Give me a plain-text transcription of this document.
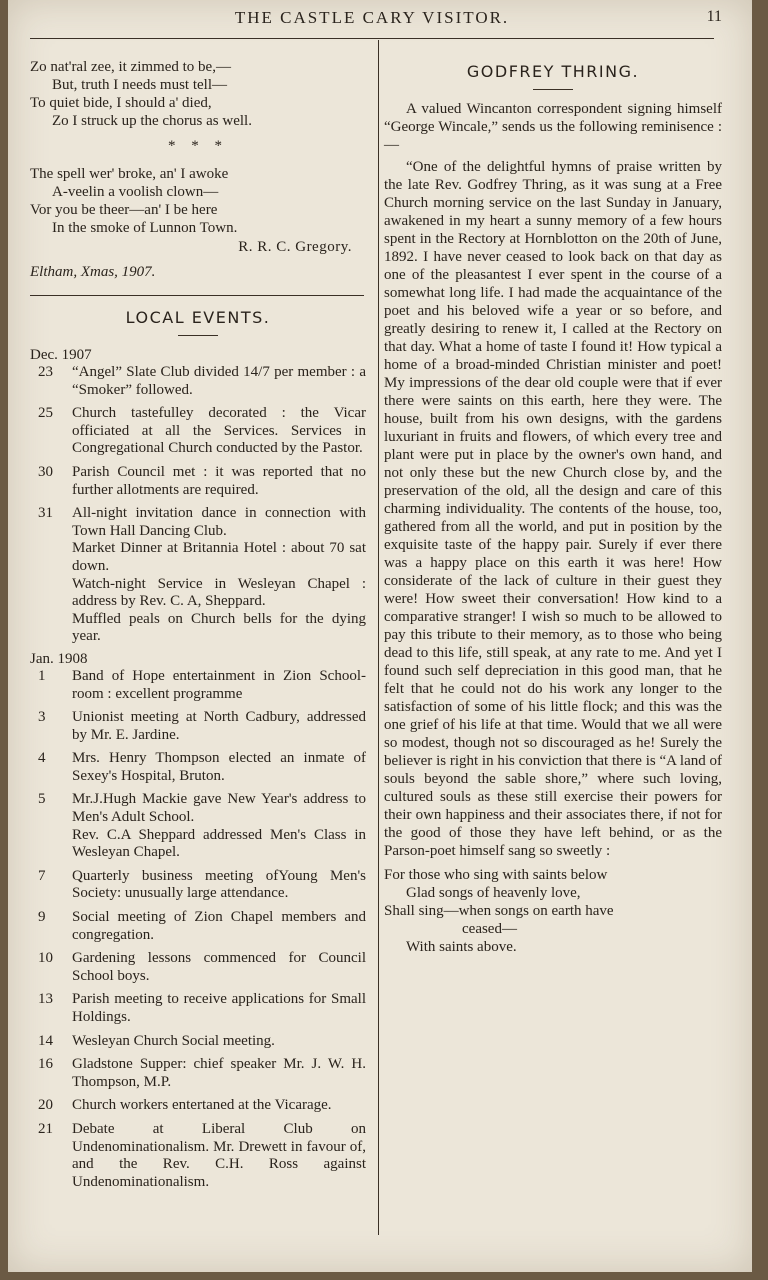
THE CASTLE CARY VISITOR.	11
Zo nat'ral zee, it zimmed to be,—
But, truth I needs must tell—
To quiet bide, I should a' died,
Zo I struck up the chorus as well.
* * *
The spell wer' broke, an' I awoke
A-veelin a voolish clown—
Vor you be theer—an' I be here
In the smoke of Lunnon Town.
R. R. C. Gregory.
Eltham, Xmas, 1907.
LOCAL EVENTS.
Dec. 1907
23	“Angel” Slate Club divided 14/7 per member : a “Smoker” followed.
25	Church tastefulley decorated : the Vicar officiated at all the Services. Services in Congregational Church conducted by the Pastor.
30	Parish Council met : it was reported that no further allotments are required.
31	All-night invitation dance in connection with Town Hall Dancing Club.
Market Dinner at Britannia Hotel : about 70 sat down.
Watch-night Service in Wesleyan Chapel : address by Rev. C. A, Sheppard.
Muffled peals on Church bells for the dying year.
Jan. 1908
1	Band of Hope entertainment in Zion School-room : excellent programme
3	Unionist meeting at North Cadbury, addressed by Mr. E. Jardine.
4	Mrs. Henry Thompson elected an inmate of Sexey's Hospital, Bruton.
5	Mr.J.Hugh Mackie gave New Year's address to Men's Adult School.
Rev. C.A Sheppard addressed Men's Class in Wesleyan Chapel.
7	Quarterly business meeting ofYoung Men's Society: unusually large attendance.
9	Social meeting of Zion Chapel members and congregation.
10	Gardening lessons commenced for Council School boys.
13	Parish meeting to receive applications for Small Holdings.
14	Wesleyan Church Social meeting.
16	Gladstone Supper: chief speaker Mr. J. W. H. Thompson, M.P.
20	Church workers entertaned at the Vicarage.
21	Debate at Liberal Club on Undenominationalism. Mr. Drewett in favour of, and the Rev. C.H. Ross against Undenominationalism.
GODFREY THRING.
A valued Wincanton correspondent signing himself “George Wincale,” sends us the following reminisence :—
“One of the delightful hymns of praise written by the late Rev. Godfrey Thring, as it was sung at a Free Church morning service on the last Sunday in January, awakened in my heart a sunny memory of a few hours spent in the Rectory at Hornblotton on the 20th of June, 1892. I have never ceased to look back on that day as one of the pleasantest I ever spent in the course of a somewhat long life. I had made the acquaintance of the poet and his beloved wife a year or so before, and greatly desiring to renew it, I called at the Rectory on that day. What a home of taste I found it! How typical a home of a broad-minded Christian minister and poet! My impressions of the dear old couple were that if ever there were saints on this earth, here they were. The house, built from his own designs, with the gardens luxuriant in fruits and flowers, of which every tree and plant were put in place by the owner's own hand, and not only these but the new Church close by, and the preservation of the old, all the design and care of this charming individuality. The contents of the house, too, gathered from all the world, and put in position by the exquisite taste of the happy pair. Surely if ever there was a happy place on this earth it was here! How considerate of the lack of culture in their guest they were! How sweet their conversation! How kind to a comparative stranger! I wish so much to be allowed to pay this tribute to their memory, as to those who being dead to this life, still speak, at any rate to me. And yet I found such self depreciation in this good man, that he felt that he could not do his work any longer to the satisfaction of some of his little flock; and this was the one grief of his life at that time. Would that we all were so modest, though not so discouraged as he! Surely the believer is right in his conviction that there is “A land of souls beyond the sable shore,” where such loving, cultured souls as these still exercise their powers for their own happiness and their associates there, if not for the good of those they have left behind, or as the Parson-poet himself sang so sweetly :
For those who sing with saints below
Glad songs of heavenly love,
Shall sing—when songs on earth have
ceased—
With saints above.
